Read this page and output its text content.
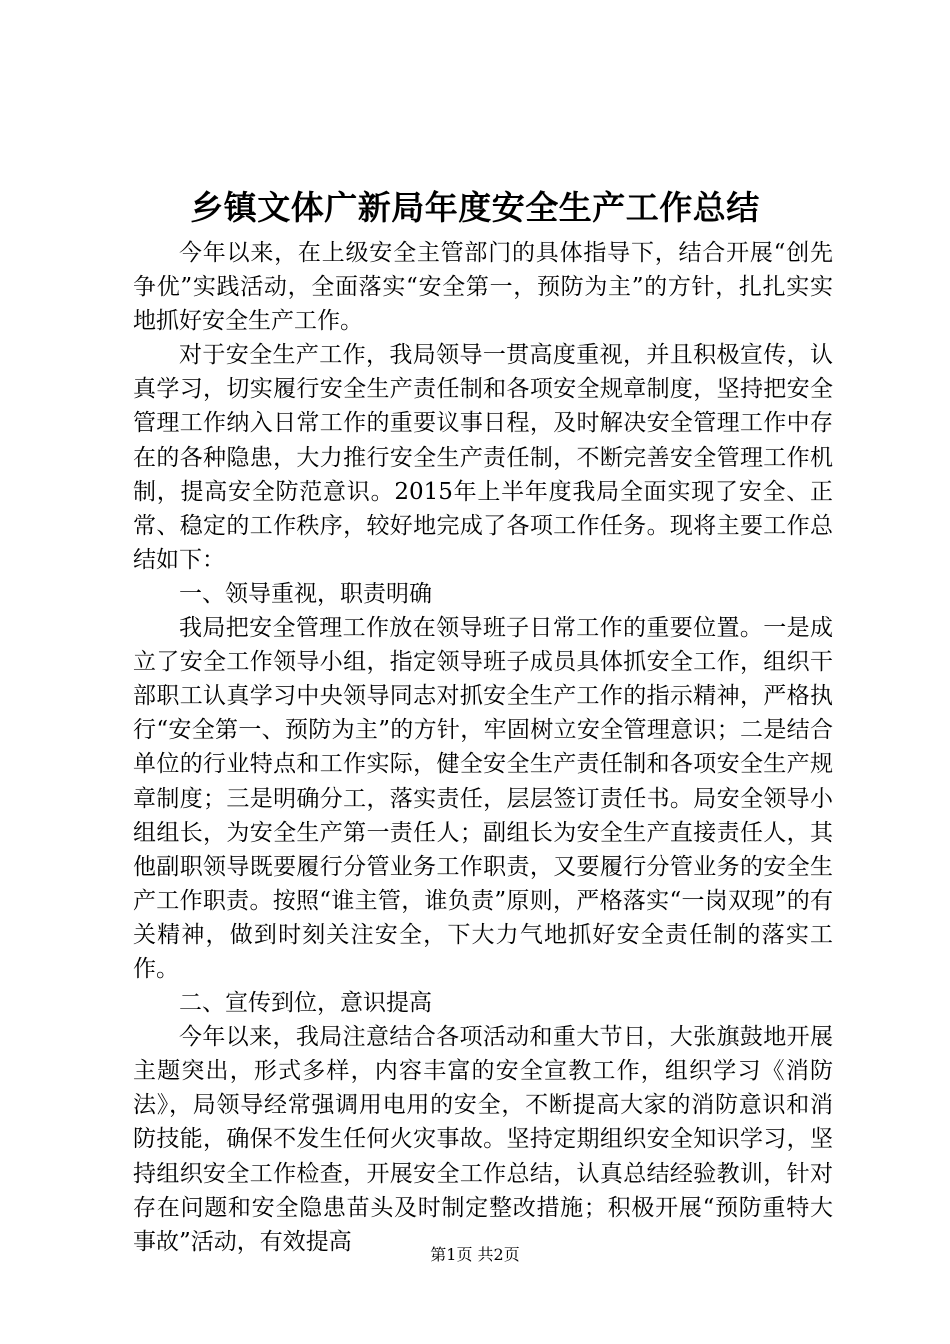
乡镇文体广新局年度安全生产工作总结

今年以来，在上级安全主管部门的具体指导下，结合开展“创先争优”实践活动，全面落实“安全第一，预防为主”的方针，扎扎实实地抓好安全生产工作。

对于安全生产工作，我局领导一贯高度重视，并且积极宣传，认真学习，切实履行安全生产责任制和各项安全规章制度，坚持把安全管理工作纳入日常工作的重要议事日程，及时解决安全管理工作中存在的各种隐患，大力推行安全生产责任制，不断完善安全管理工作机制，提高安全防范意识。2015年上半年度我局全面实现了安全、正常、稳定的工作秩序，较好地完成了各项工作任务。现将主要工作总结如下：

一、领导重视，职责明确

我局把安全管理工作放在领导班子日常工作的重要位置。一是成立了安全工作领导小组，指定领导班子成员具体抓安全工作，组织干部职工认真学习中央领导同志对抓安全生产工作的指示精神，严格执行“安全第一、预防为主”的方针，牢固树立安全管理意识；二是结合单位的行业特点和工作实际，健全安全生产责任制和各项安全生产规章制度；三是明确分工，落实责任，层层签订责任书。局安全领导小组组长，为安全生产第一责任人；副组长为安全生产直接责任人，其他副职领导既要履行分管业务工作职责，又要履行分管业务的安全生产工作职责。按照“谁主管，谁负责”原则，严格落实“一岗双现”的有关精神，做到时刻关注安全，下大力气地抓好安全责任制的落实工作。

二、宣传到位，意识提高

今年以来，我局注意结合各项活动和重大节日，大张旗鼓地开展主题突出，形式多样，内容丰富的安全宣教工作，组织学习《消防法》，局领导经常强调用电用的安全，不断提高大家的消防意识和消防技能，确保不发生任何火灾事故。坚持定期组织安全知识学习，坚持组织安全工作检查，开展安全工作总结，认真总结经验教训，针对存在问题和安全隐患苗头及时制定整改措施；积极开展“预防重特大事故”活动，有效提高	第1页 共2页
